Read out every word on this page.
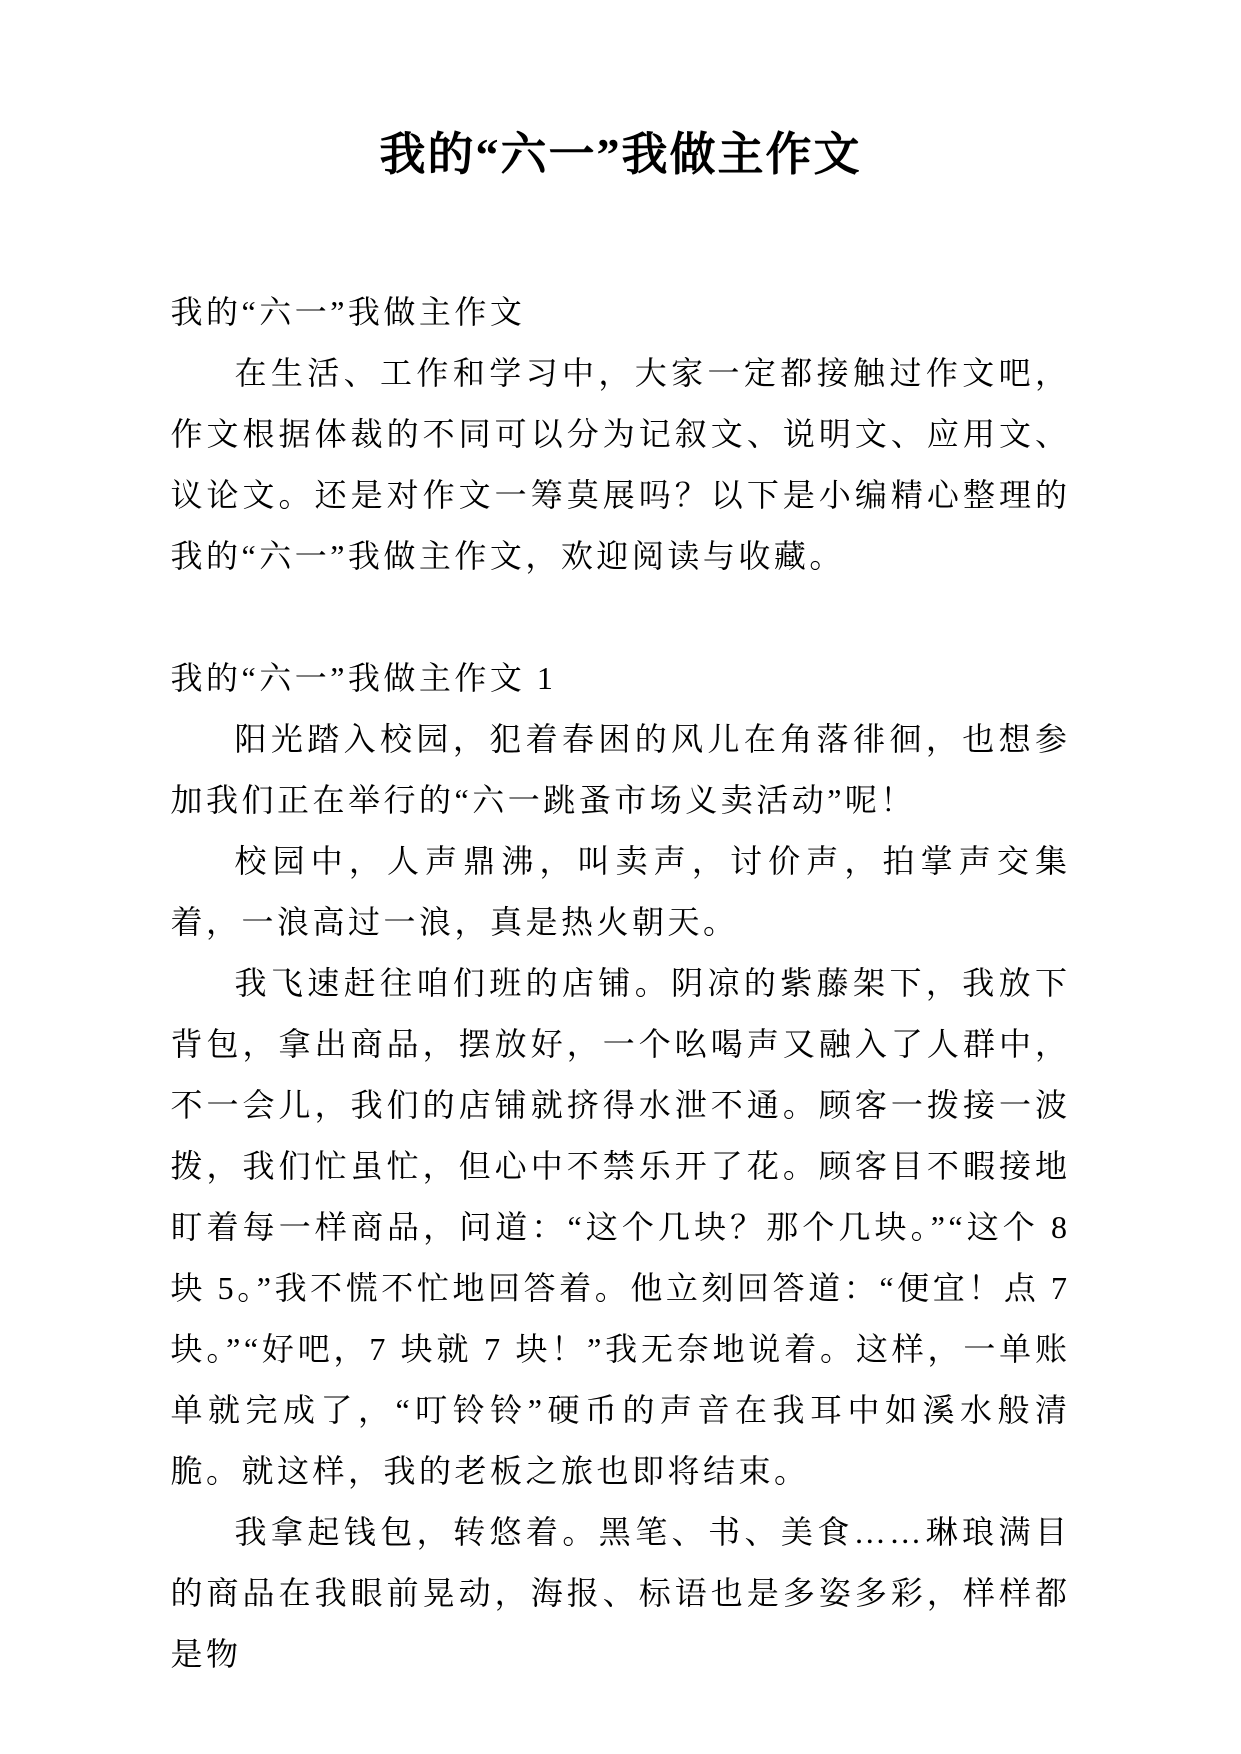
我的“六一”我做主作文

我的“六一”我做主作文

在生活、工作和学习中，大家一定都接触过作文吧，作文根据体裁的不同可以分为记叙文、说明文、应用文、议论文。还是对作文一筹莫展吗？以下是小编精心整理的我的“六一”我做主作文，欢迎阅读与收藏。

我的“六一”我做主作文 1

阳光踏入校园，犯着春困的风儿在角落徘徊，也想参加我们正在举行的“六一跳蚤市场义卖活动”呢！

校园中，人声鼎沸，叫卖声，讨价声，拍掌声交集着，一浪高过一浪，真是热火朝天。

我飞速赶往咱们班的店铺。阴凉的紫藤架下，我放下背包，拿出商品，摆放好，一个吆喝声又融入了人群中，不一会儿，我们的店铺就挤得水泄不通。顾客一拨接一波拨，我们忙虽忙，但心中不禁乐开了花。顾客目不暇接地盯着每一样商品，问道：“这个几块？那个几块。”“这个 8 块 5。”我不慌不忙地回答着。他立刻回答道：“便宜！点 7 块。”“好吧，7 块就 7 块！”我无奈地说着。这样，一单账单就完成了，“叮铃铃”硬币的声音在我耳中如溪水般清脆。就这样，我的老板之旅也即将结束。

我拿起钱包，转悠着。黑笔、书、美食……琳琅满目的商品在我眼前晃动，海报、标语也是多姿多彩，样样都是物
